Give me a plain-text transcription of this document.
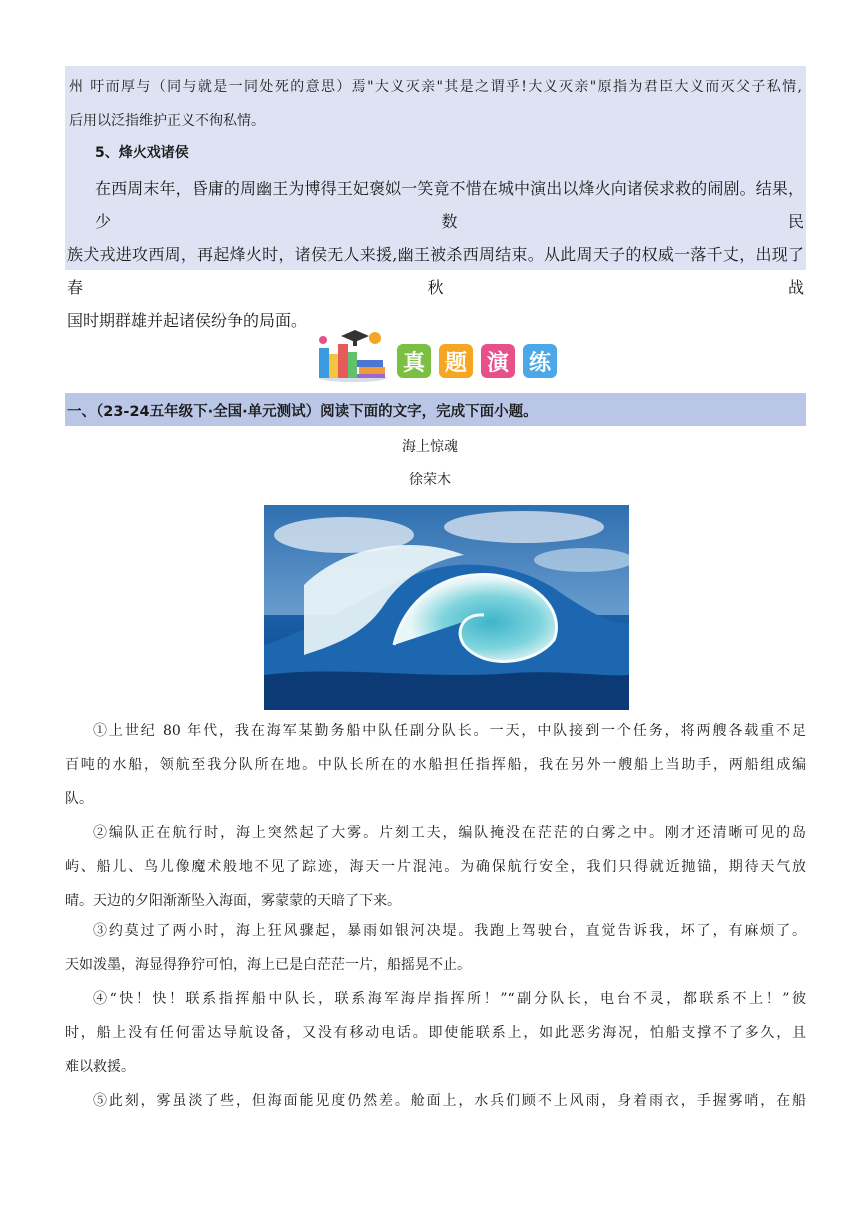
州 吁而厚与（同与就是一同处死的意思）焉"大义灭亲"其是之谓乎!大义灭亲"原指为君臣大义而灭父子私情,

后用以泛指维护正义不徇私情。

5、烽火戏诸侯
在西周末年，昏庸的周幽王为博得王妃褒姒一笑竟不惜在城中演出以烽火向诸侯求救的闹剧。结果，少数民
族犬戎进攻西周，再起烽火时，诸侯无人来援,幽王被杀西周结束。从此周天子的权威一落千丈，出现了春秋战
国时期群雄并起诸侯纷争的局面。
真 题 演 练
一、（23-24五年级下·全国·单元测试）阅读下面的文字，完成下面小题。
海上惊魂
徐荣木
①上世纪 80 年代，我在海军某勤务船中队任副分队长。一天，中队接到一个任务，将两艘各载重不足
百吨的水船，领航至我分队所在地。中队长所在的水船担任指挥船，我在另外一艘船上当助手，两船组成编
队。
②编队正在航行时，海上突然起了大雾。片刻工夫，编队掩没在茫茫的白雾之中。刚才还清晰可见的岛
屿、船儿、鸟儿像魔术般地不见了踪迹，海天一片混沌。为确保航行安全，我们只得就近抛锚，期待天气放
晴。天边的夕阳渐渐坠入海面，雾蒙蒙的天暗了下来。
③约莫过了两小时，海上狂风骤起，暴雨如银河决堤。我跑上驾驶台，直觉告诉我，坏了，有麻烦了。
天如泼墨，海显得狰狞可怕，海上已是白茫茫一片，船摇晃不止。
④“快！快！联系指挥船中队长，联系海军海岸指挥所！”“副分队长，电台不灵，都联系不上！”彼
时，船上没有任何雷达导航设备，又没有移动电话。即使能联系上，如此恶劣海况，怕船支撑不了多久，且
难以救援。
⑤此刻，雾虽淡了些，但海面能见度仍然差。舱面上，水兵们顾不上风雨，身着雨衣，手握雾哨，在船
